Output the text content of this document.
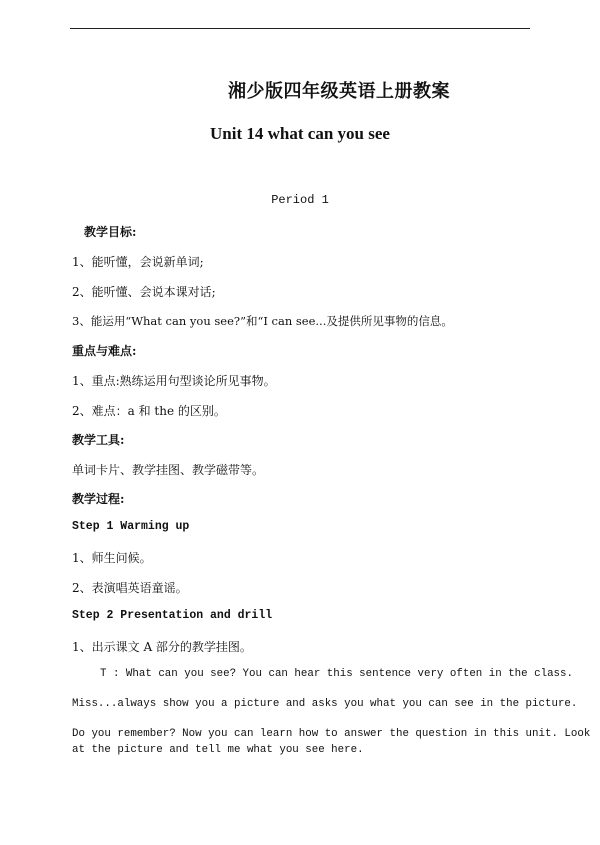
湘少版四年级英语上册教案
Unit 14 what can you see
Period 1
教学目标:
1、能听懂，会说新单词;
2、能听懂、会说本课对话;
3、能运用“What can you see?”和“I can see...及提供所见事物的信息。
重点与难点:
1、重点:熟练运用句型谈论所见事物。
2、难点：a 和 the 的区别。
教学工具:
单词卡片、教学挂图、教学磁带等。
教学过程:
Step 1 Warming up
1、师生问候。
2、表演唱英语童谣。
Step 2 Presentation and drill
1、出示课文 A 部分的教学挂图。
T : What can you see? You can hear this sentence very often in the class.
Miss...always show you a picture and asks you what you can see in the picture.
Do you remember? Now you can learn how to answer the question in this unit. Look
at the picture and tell me what you see here.
